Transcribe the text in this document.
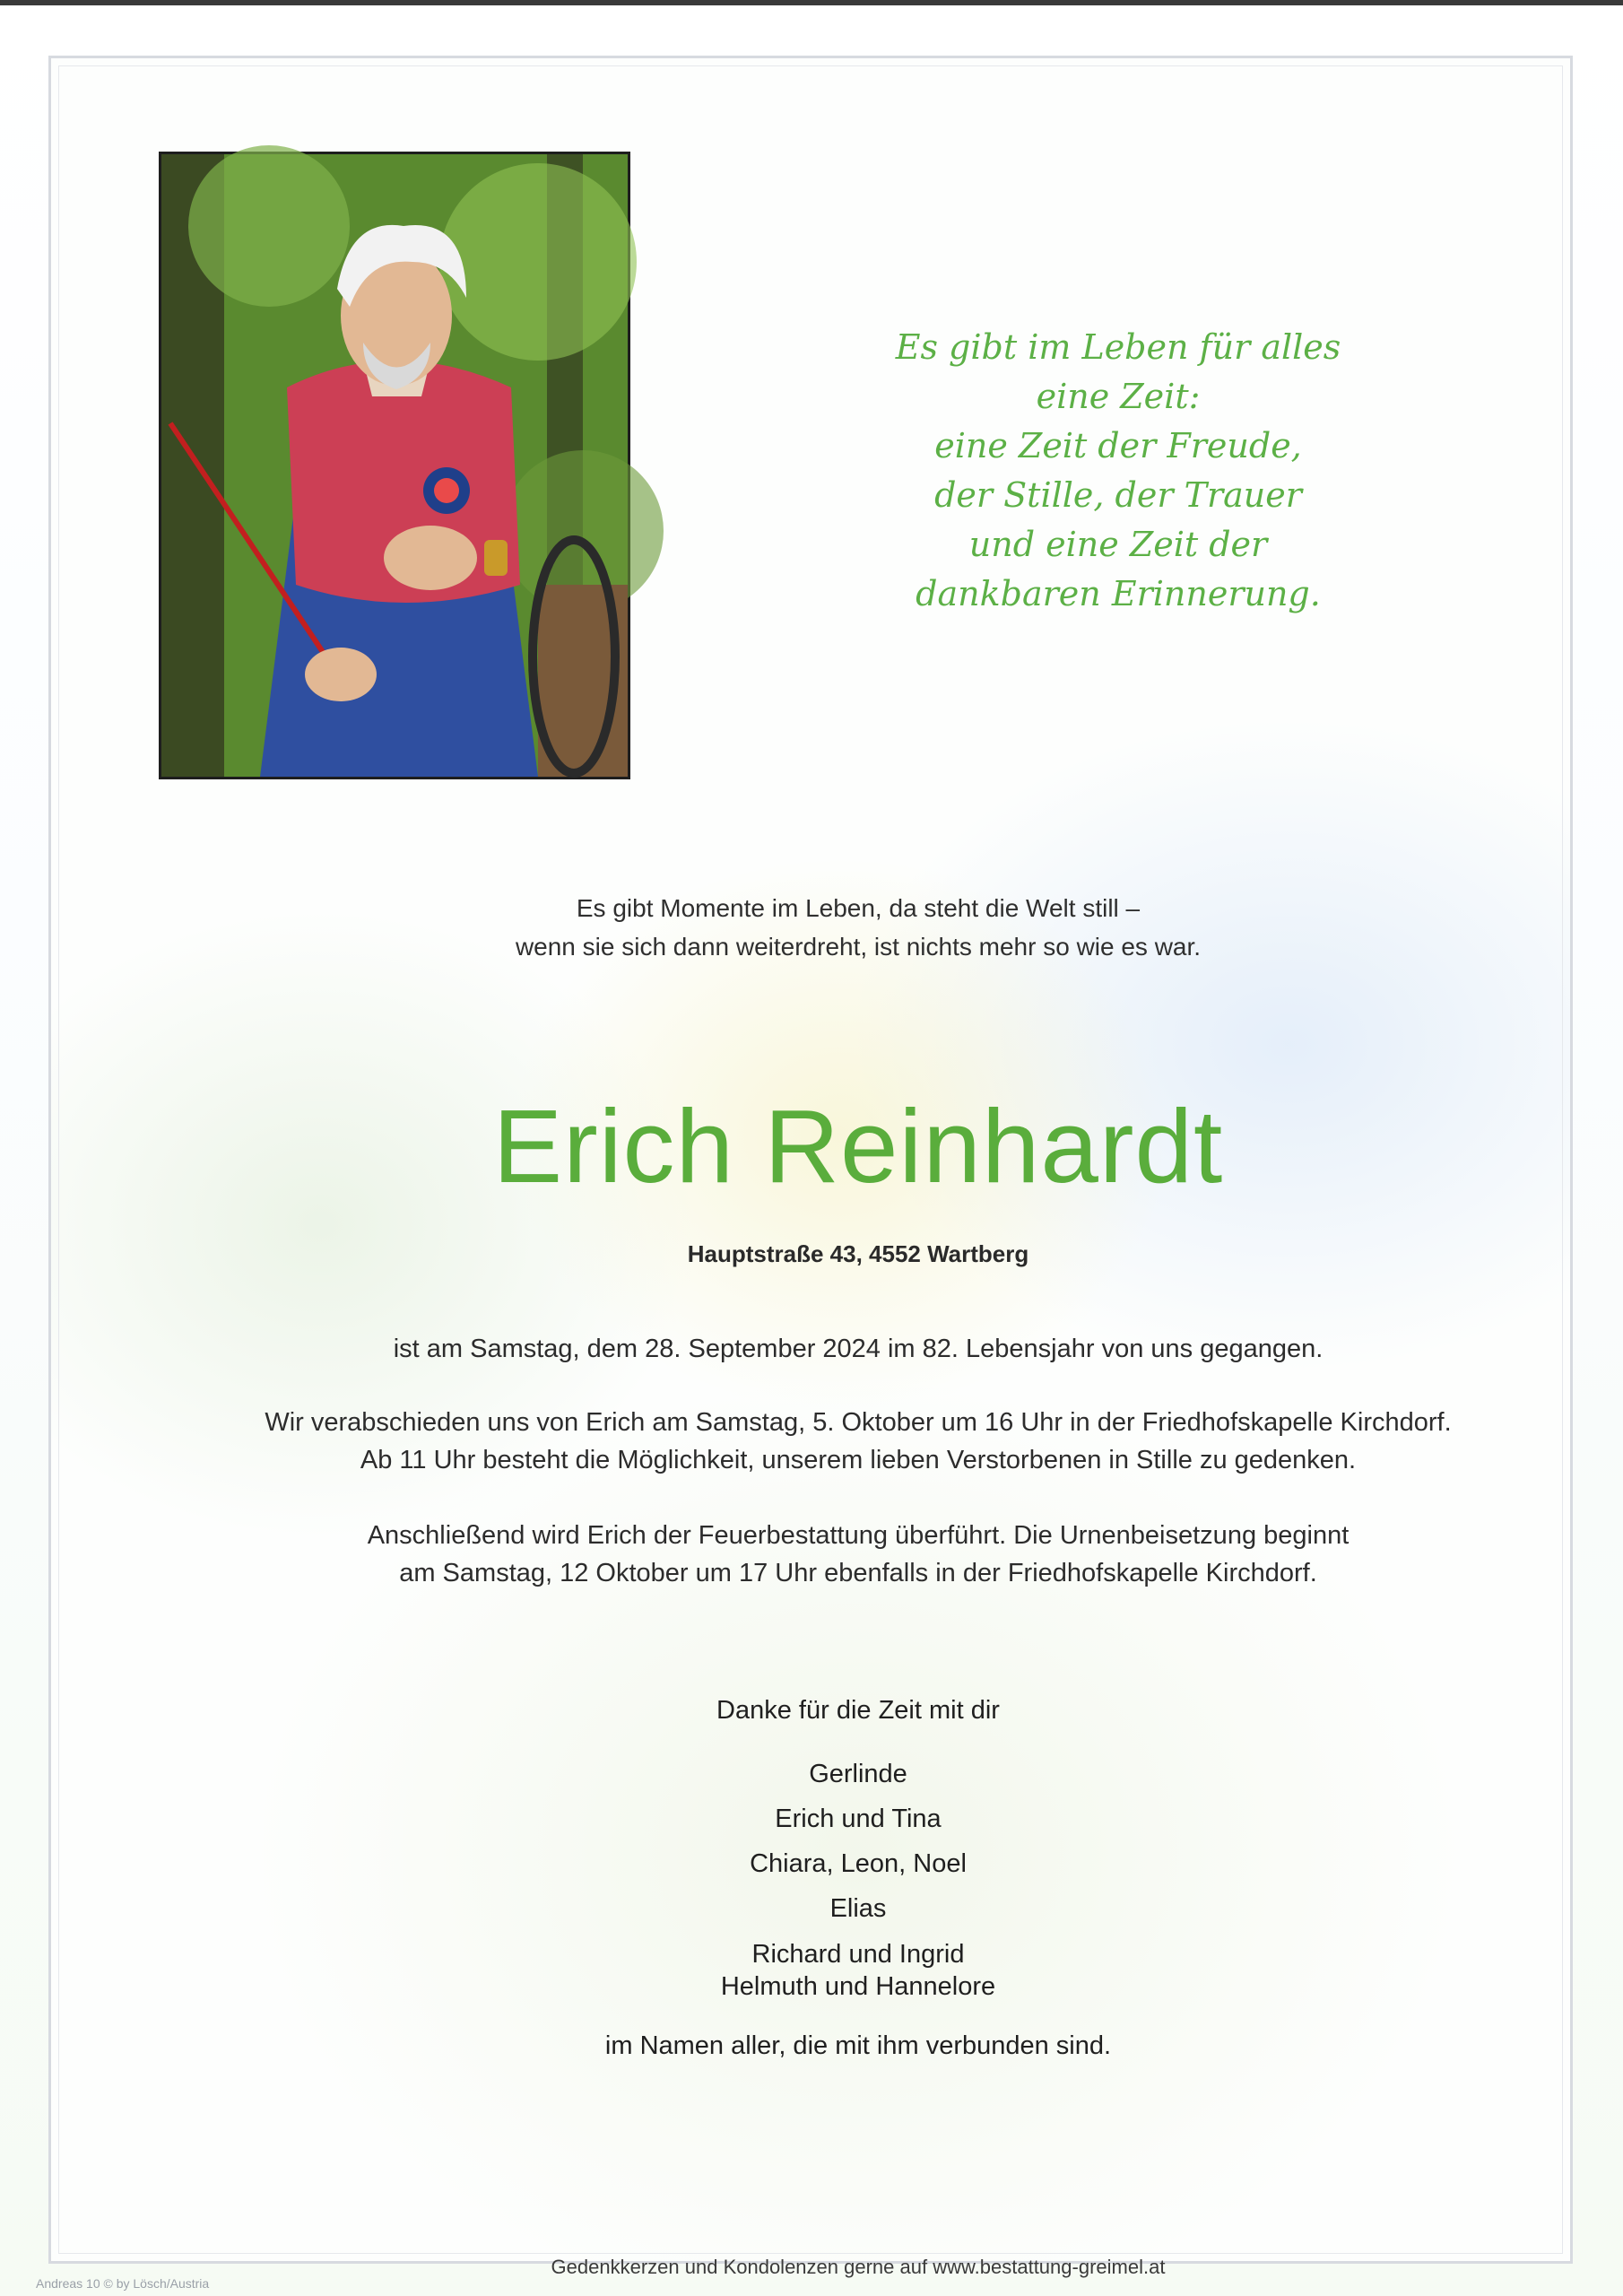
Es gibt im Leben für alles
eine Zeit:
eine Zeit der Freude,
der Stille, der Trauer
und eine Zeit der
dankbaren Erinnerung.
Es gibt Momente im Leben, da steht die Welt still –
wenn sie sich dann weiterdreht, ist nichts mehr so wie es war.
Erich Reinhardt
Hauptstraße 43, 4552 Wartberg
ist am Samstag, dem 28. September 2024 im 82. Lebensjahr von uns gegangen.
Wir verabschieden uns von Erich am Samstag, 5. Oktober um 16 Uhr in der Friedhofskapelle Kirchdorf.
Ab 11 Uhr besteht die Möglichkeit, unserem lieben Verstorbenen in Stille zu gedenken.
Anschließend wird Erich der Feuerbestattung überführt. Die Urnenbeisetzung beginnt
am Samstag, 12 Oktober um 17 Uhr ebenfalls in der Friedhofskapelle Kirchdorf.
Danke für die Zeit mit dir
Gerlinde
Erich und Tina
Chiara, Leon, Noel
Elias
Richard und Ingrid
Helmuth und Hannelore
im Namen aller, die mit ihm verbunden sind.
Gedenkkerzen und Kondolenzen gerne auf www.bestattung-greimel.at
Andreas 10 © by Lösch/Austria
